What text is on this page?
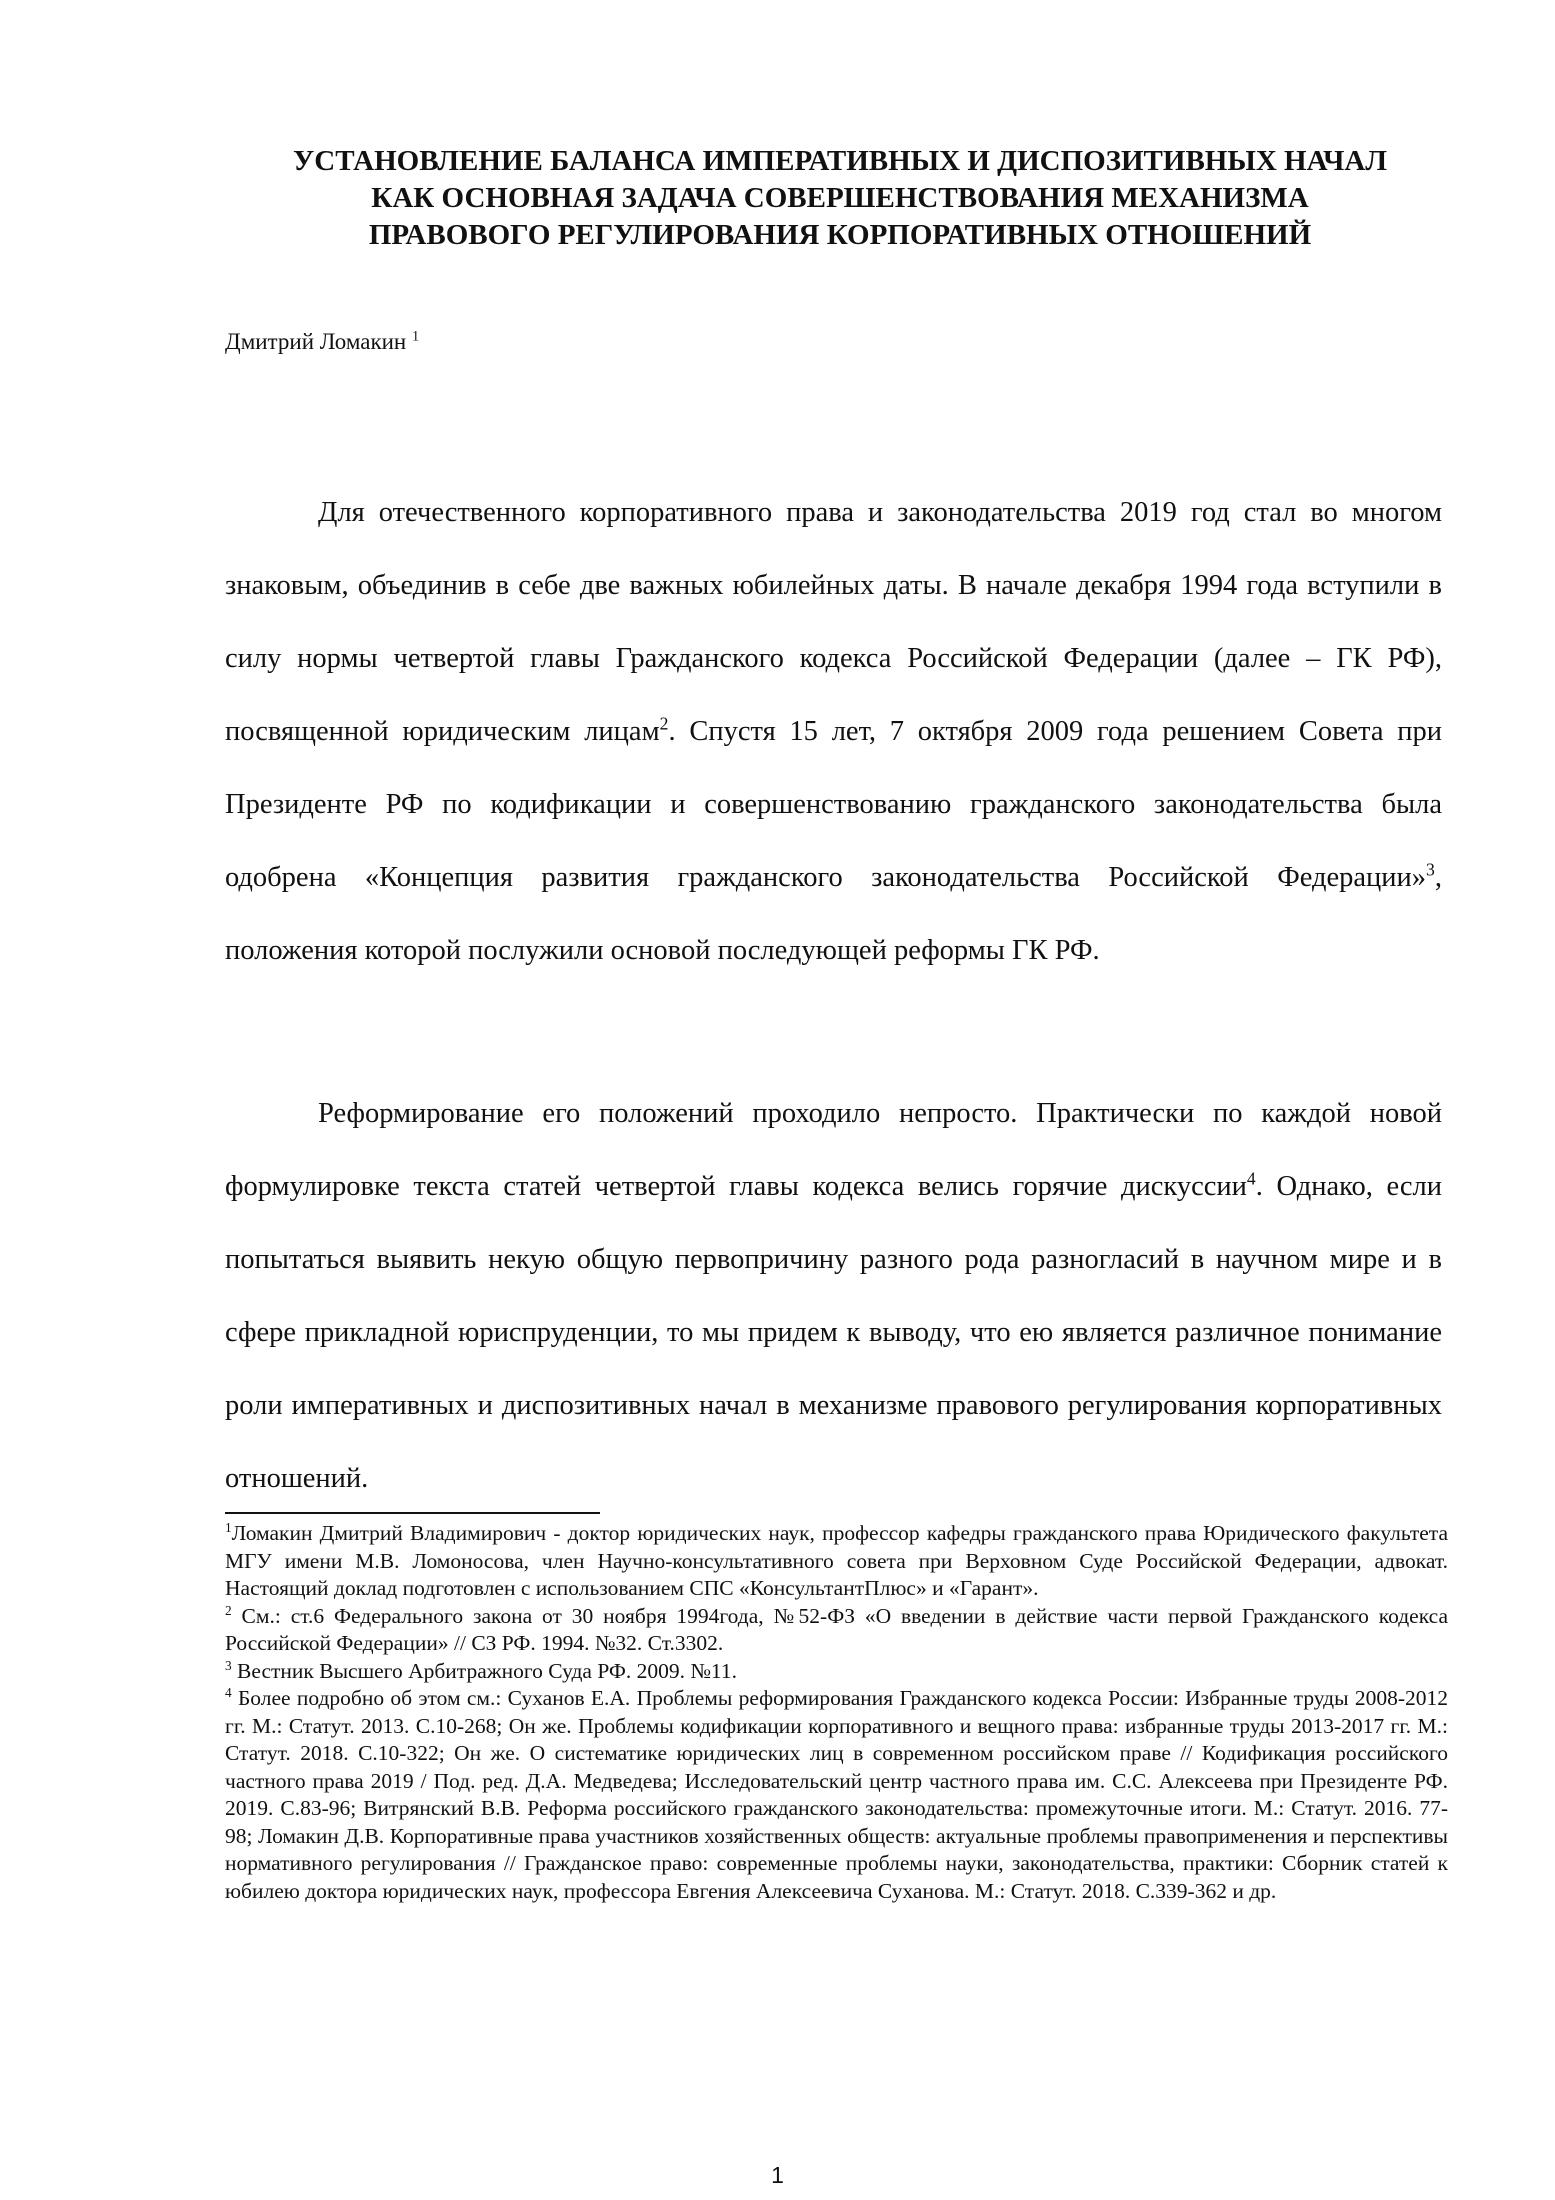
УСТАНОВЛЕНИЕ БАЛАНСА ИМПЕРАТИВНЫХ И ДИСПОЗИТИВНЫХ НАЧАЛ
КАК ОСНОВНАЯ ЗАДАЧА СОВЕРШЕНСТВОВАНИЯ МЕХАНИЗМА
ПРАВОВОГО РЕГУЛИРОВАНИЯ КОРПОРАТИВНЫХ ОТНОШЕНИЙ

Дмитрий Ломакин $^1$

Для отечественного корпоративного права и законодательства 2019 год стал во многом знаковым, объединив в себе две важных юбилейных даты. В начале декабря 1994 года вступили в силу нормы четвертой главы Гражданского кодекса Российской Федерации (далее – ГК РФ), посвященной юридическим лицам$^2$. Спустя 15 лет, 7 октября 2009 года решением Совета при Президенте РФ по кодификации и совершенствованию гражданского законодательства была одобрена «Концепция развития гражданского законодательства Российской Федерации»$^3$, положения которой послужили основой последующей реформы ГК РФ.

Реформирование его положений проходило непросто. Практически по каждой новой формулировке текста статей четвертой главы кодекса велись горячие дискуссии$^4$. Однако, если попытаться выявить некую общую первопричину разного рода разногласий в научном мире и в сфере прикладной юриспруденции, то мы придем к выводу, что ею является различное понимание роли императивных и диспозитивных начал в механизме правового регулирования корпоративных отношений.

$^1$Ломакин Дмитрий Владимирович - доктор юридических наук, профессор кафедры гражданского права Юридического факультета МГУ имени М.В. Ломоносова, член Научно-консультативного совета при Верховном Суде Российской Федерации, адвокат. Настоящий доклад подготовлен с использованием СПС «КонсультантПлюс» и «Гарант».

$^2$ См.: ст.6 Федерального закона от 30 ноября 1994года, №52-ФЗ «О введении в действие части первой Гражданского кодекса Российской Федерации» // СЗ РФ. 1994. №32. Ст.3302.

$^3$ Вестник Высшего Арбитражного Суда РФ. 2009. №11.

$^4$ Более подробно об этом см.: Суханов Е.А. Проблемы реформирования Гражданского кодекса России: Избранные труды 2008-2012 гг. М.: Статут. 2013. С.10-268; Он же. Проблемы кодификации корпоративного и вещного права: избранные труды 2013-2017 гг. М.: Статут. 2018. С.10-322; Он же. О систематике юридических лиц в современном российском праве // Кодификация российского частного права 2019 / Под. ред. Д.А. Медведева; Исследовательский центр частного права им. С.С. Алексеева при Президенте РФ. 2019. С.83-96; Витрянский В.В. Реформа российского гражданского законодательства: промежуточные итоги. М.: Статут. 2016. 77-98; Ломакин Д.В. Корпоративные права участников хозяйственных обществ: актуальные проблемы правоприменения и перспективы нормативного регулирования // Гражданское право: современные проблемы науки, законодательства, практики: Сборник статей к юбилею доктора юридических наук, профессора Евгения Алексеевича Суханова. М.: Статут. 2018. С.339-362 и др.

1
